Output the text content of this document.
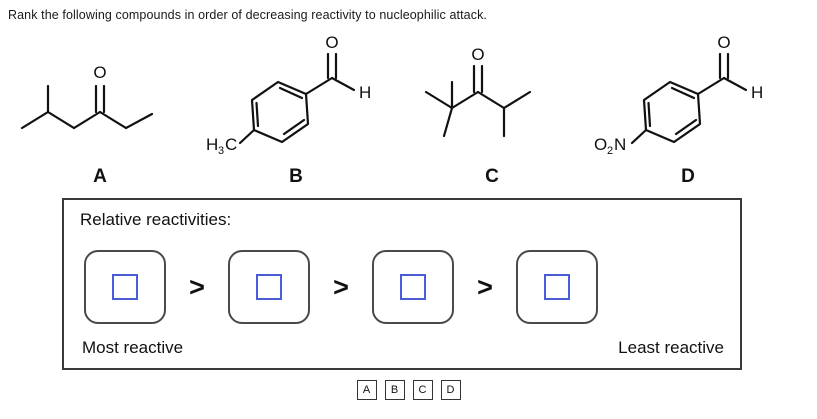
Rank the following compounds in order of decreasing reactivity to nucleophilic attack.
O
A
O
H
H 3 C
B
O
C
O
H
O 2 N
D
Relative reactivities:
>	>	>
Most reactive	Least reactive
A	B	C	D
